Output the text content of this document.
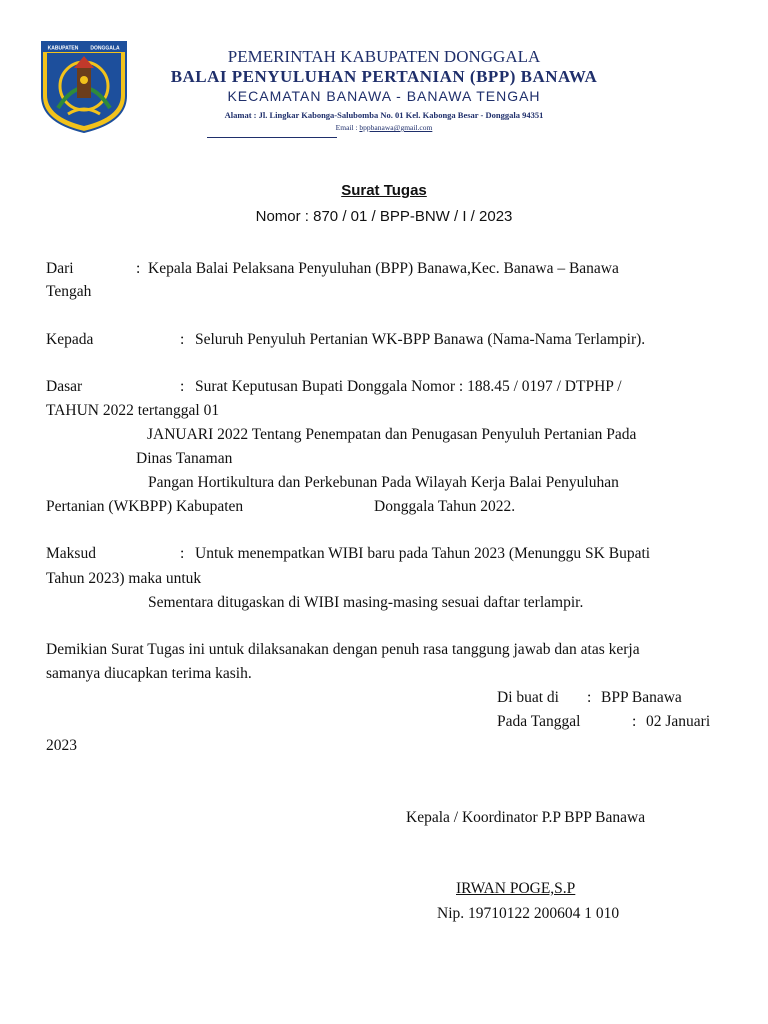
KABUPATEN DONGGALA	PEMERINTAH KABUPATEN DONGGALA
BALAI PENYULUHAN PERTANIAN (BPP) BANAWA
KECAMATAN BANAWA - BANAWA TENGAH
Alamat : Jl. Lingkar Kabonga-Salubomba No. 01 Kel. Kabonga Besar - Donggala 94351
Email : bppbanawa@gmail.com
Surat Tugas
Nomor : 870 / 01 / BPP-BNW / I / 2023
Dari	: Kepala Balai Pelaksana Penyuluhan (BPP) Banawa,Kec. Banawa – Banawa
Tengah
Kepada	: Seluruh Penyuluh Pertanian WK-BPP Banawa (Nama-Nama Terlampir).
Dasar	: Surat Keputusan Bupati Donggala Nomor : 188.45 / 0197 / DTPHP /
TAHUN 2022 tertanggal 01
JANUARI 2022 Tentang Penempatan dan Penugasan Penyuluh Pertanian Pada
Dinas Tanaman
Pangan Hortikultura dan Perkebunan Pada Wilayah Kerja Balai Penyuluhan
Pertanian (WKBPP) Kabupaten	Donggala Tahun 2022.
Maksud	: Untuk menempatkan WIBI baru pada Tahun 2023 (Menunggu SK Bupati
Tahun 2023) maka untuk
Sementara ditugaskan di WIBI masing-masing sesuai daftar terlampir.
Demikian Surat Tugas ini untuk dilaksanakan dengan penuh rasa tanggung jawab dan atas kerja
samanya diucapkan terima kasih.
Di buat di : BPP Banawa
Pada Tanggal	: 02 Januari
2023
Kepala / Koordinator P.P BPP Banawa
IRWAN POGE,S.P
Nip. 19710122 200604 1 010
